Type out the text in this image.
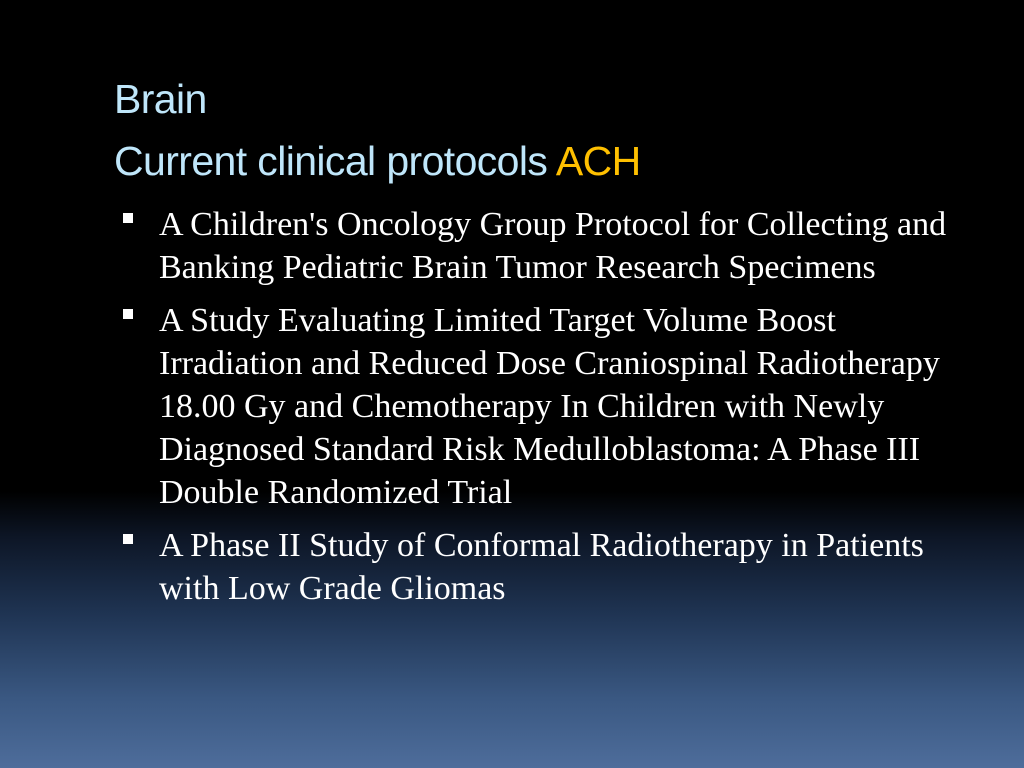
Brain
Current clinical protocols ACH
A Children's Oncology Group Protocol for Collecting and Banking Pediatric Brain Tumor Research Specimens
A Study Evaluating Limited Target Volume Boost Irradiation and Reduced Dose Craniospinal Radiotherapy 18.00 Gy and Chemotherapy In Children with Newly Diagnosed Standard Risk Medulloblastoma: A Phase III Double Randomized Trial
A Phase II Study of Conformal Radiotherapy in Patients with Low Grade Gliomas
